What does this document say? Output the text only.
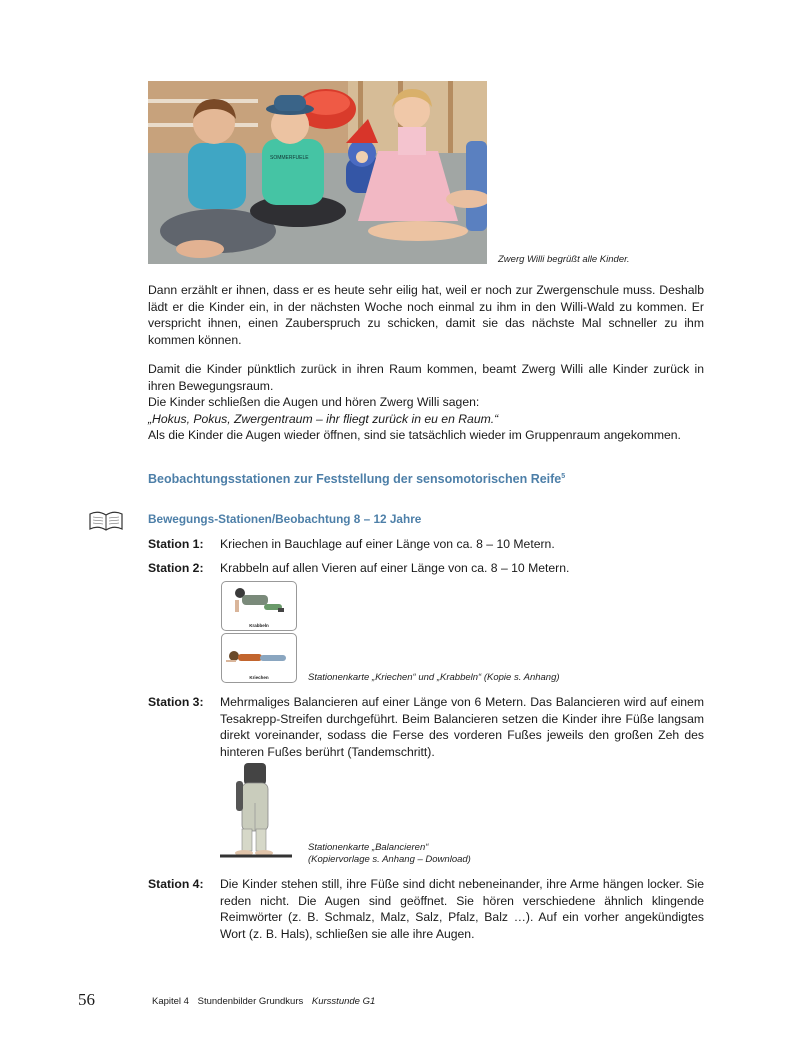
SOMMERFUELE
Zwerg Willi begrüßt alle Kinder.

Dann erzählt er ihnen, dass er es heute sehr eilig hat, weil er noch zur Zwergenschule muss. Deshalb lädt er die Kinder ein, in der nächsten Woche noch einmal zu ihm in den Willi-Wald zu kommen. Er verspricht ihnen, einen Zauberspruch zu schicken, damit sie das nächste Mal schneller zu ihm kommen können.

Damit die Kinder pünktlich zurück in ihren Raum kommen, beamt Zwerg Willi alle Kinder zurück in ihren Bewegungsraum.

Die Kinder schließen die Augen und hören Zwerg Willi sagen:

„Hokus, Pokus, Zwergentraum – ihr fliegt zurück in eu en Raum.“

Als die Kinder die Augen wieder öffnen, sind sie tatsächlich wieder im Gruppenraum angekommen.

Beobachtungsstationen zur Feststellung der sensomotorischen Reife$^5$
Bewegungs-Stationen/Beobachtung 8 – 12 Jahre
Station 1:	Kriechen in Bauchlage auf einer Länge von ca. 8 – 10 Metern.
Station 2:	Krabbeln auf allen Vieren auf einer Länge von ca. 8 – 10 Metern.
Krabbeln
Kriechen	Stationenkarte „Kriechen“ und „Krabbeln“ (Kopie s. Anhang)
Station 3:	Mehrmaliges Balancieren auf einer Länge von 6 Metern. Das Balancieren wird auf einem Tesakrepp-Streifen durchgeführt. Beim Balancieren setzen die Kinder ihre Füße langsam direkt voreinander, sodass die Ferse des vorderen Fußes jeweils den großen Zeh des hinteren Fußes berührt (Tandemschritt).
Stationenkarte „Balancieren“
(Kopiervorlage s. Anhang – Download)
Station 4:	Die Kinder stehen still, ihre Füße sind dicht nebeneinander, ihre Arme hängen locker. Sie reden nicht. Die Augen sind geöffnet. Sie hören verschiedene ähnlich klingende Reimwörter (z. B. Schmalz, Malz, Salz, Pfalz, Balz …). Auf ein vorher angekündigtes Wort (z. B. Hals), schließen sie alle ihre Augen.
56	Kapitel 4 Stundenbilder Grundkurs Kursstunde G1
